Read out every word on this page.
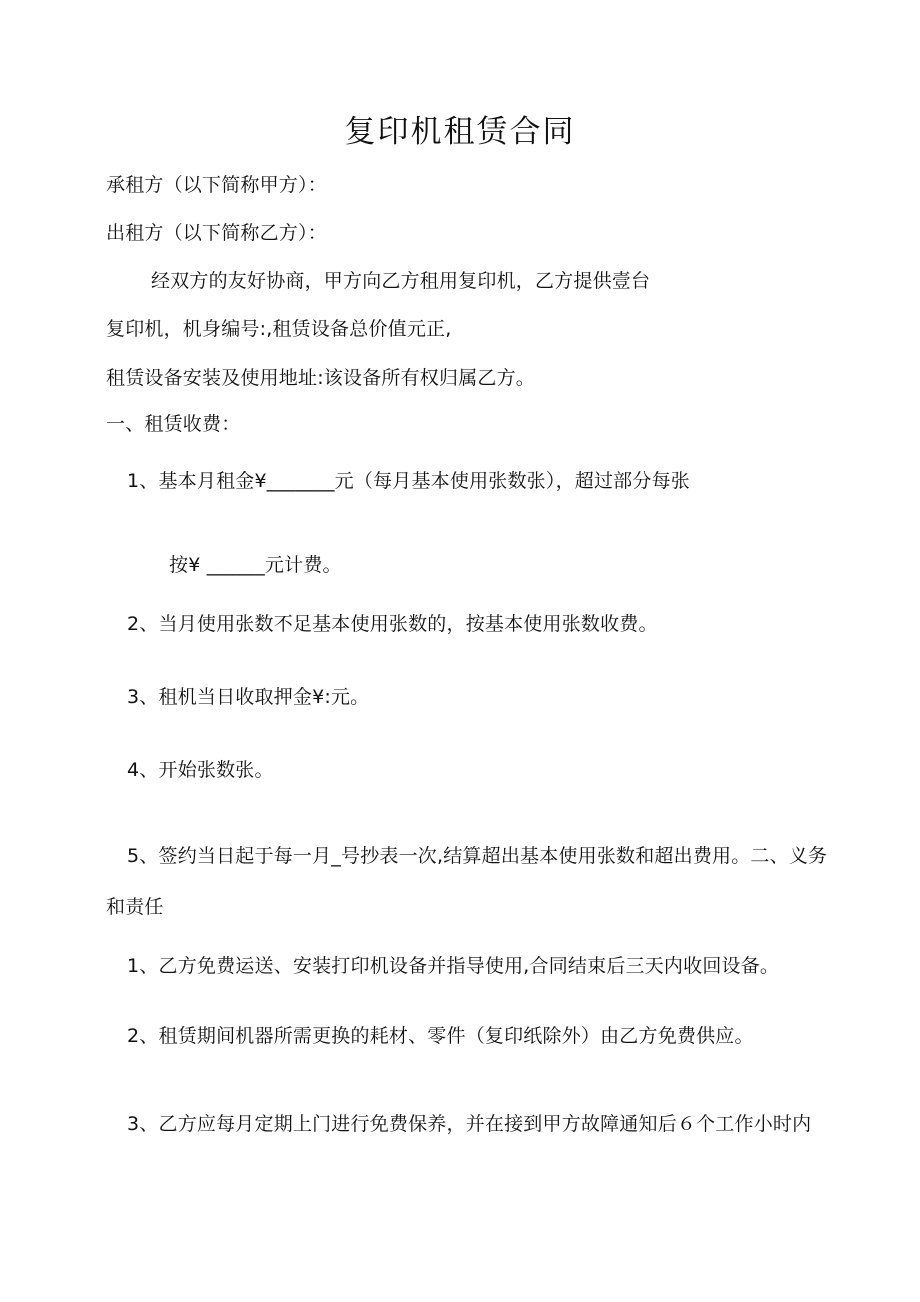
复印机租赁合同
承租方（以下简称甲方）：
出租方（以下简称乙方）：
经双方的友好协商，甲方向乙方租用复印机，乙方提供壹台
复印机，机身编号:,租赁设备总价值元正,
租赁设备安装及使用地址:该设备所有权归属乙方。
一、租赁收费：
1、基本月租金¥_______元（每月基本使用张数张），超过部分每张
按¥ ______元计费。
2、当月使用张数不足基本使用张数的，按基本使用张数收费。
3、租机当日收取押金¥:元。
4、开始张数张。
5、签约当日起于每一月_号抄表一次,结算超出基本使用张数和超出费用。二、义务
和责任
1、乙方免费运送、安装打印机设备并指导使用,合同结束后三天内收回设备。
2、租赁期间机器所需更换的耗材、零件（复印纸除外）由乙方免费供应。
3、乙方应每月定期上门进行免费保养，并在接到甲方故障通知后６个工作小时内
